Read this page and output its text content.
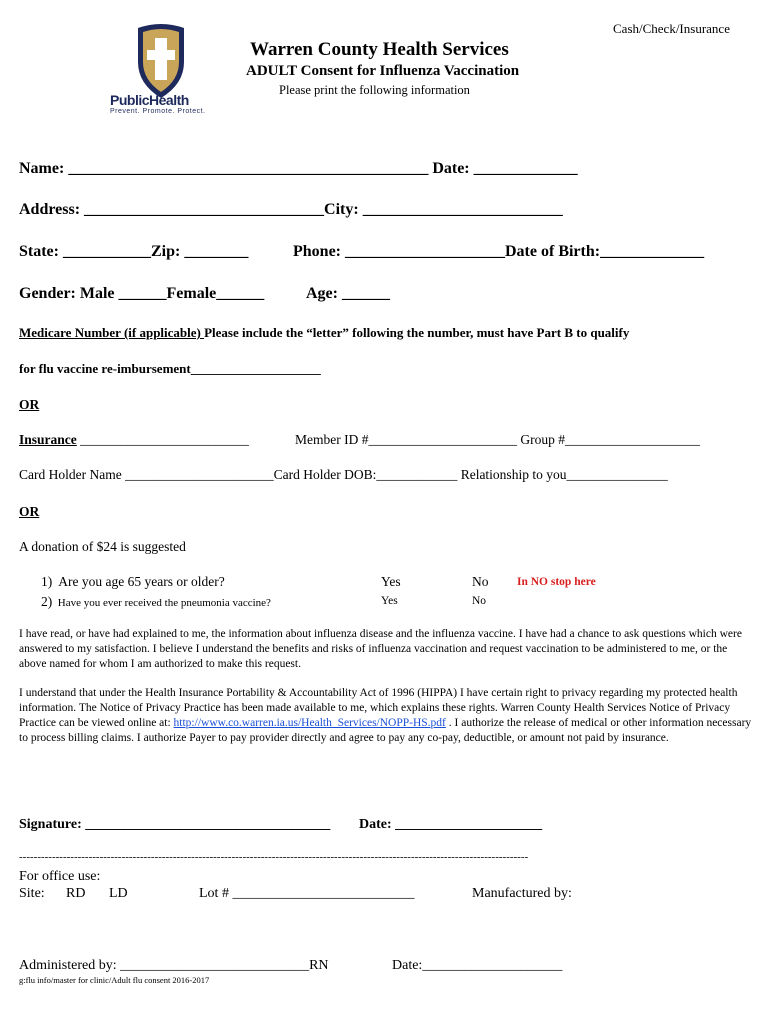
PublicHealth
Prevent. Promote. Protect.
Cash/Check/Insurance
Warren County Health Services
ADULT Consent for Influenza Vaccination
Please print the following information
Name: _____________________________________________ Date: _____________
Address: ______________________________City: _________________________
State: ___________Zip: ________	Phone: ____________________Date of Birth:_____________
Gender: Male ______Female______	Age: ______
Medicare Number (if applicable) Please include the “letter” following the number, must have Part B to qualify
for flu vaccine re-imbursement____________________
OR
Insurance _________________________	Member ID #______________________ Group #____________________
Card Holder Name ______________________Card Holder DOB:____________ Relationship to you_______________
OR
A donation of $24 is suggested
1) Are you age 65 years or older?	Yes	No In NO stop here
2) Have you ever received the pneumonia vaccine?	Yes	No
I have read, or have had explained to me, the information about influenza disease and the influenza vaccine. I have had a chance to ask questions which were answered to my satisfaction. I believe I understand the benefits and risks of influenza vaccination and request vaccination to be administered to me, or the above named for whom I am authorized to make this request.
I understand that under the Health Insurance Portability & Accountability Act of 1996 (HIPPA) I have certain right to privacy regarding my protected health information. The Notice of Privacy Practice has been made available to me, which explains these rights. Warren County Health Services Notice of Privacy Practice can be viewed online at: http://www.co.warren.ia.us/Health_Services/NOPP-HS.pdf . I authorize the release of medical or other information necessary to process billing claims. I authorize Payer to pay provider directly and agree to pay any co-pay, deductible, or amount not paid by insurance.
Signature: ___________________________________ Date: _____________________
-------------------------------------------------------------------------------------------------------------------------------------------
For office use:
Site: RD LD	Lot # __________________________	Manufactured by:
Administered by: ___________________________RN	Date:____________________
g:flu info/master for clinic/Adult flu consent 2016-2017
